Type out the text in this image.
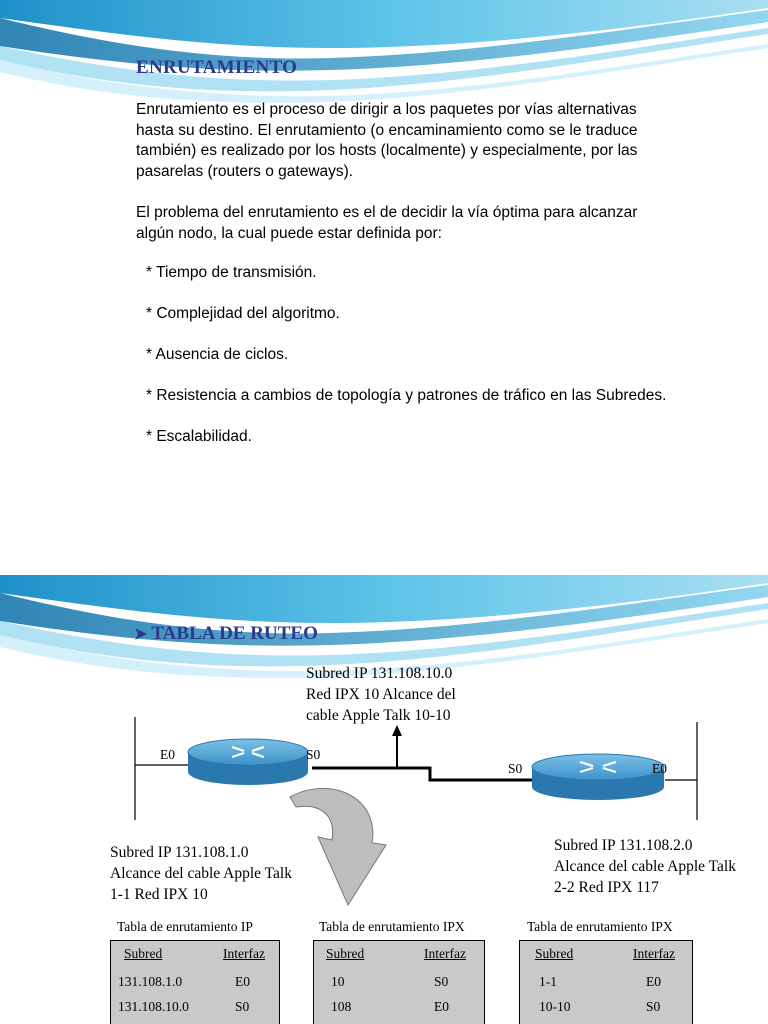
ENRUTAMIENTO
Enrutamiento es el proceso de dirigir a los paquetes por vías alternativas
hasta su destino. El enrutamiento (o encaminamiento como se le traduce
también) es realizado por los hosts (localmente) y especialmente, por las
pasarelas (routers o gateways).
El problema del enrutamiento es el de decidir la vía óptima para alcanzar
algún nodo, la cual puede estar definida por:
* Tiempo de transmisión.
* Complejidad del algoritmo.
* Ausencia de ciclos.
* Resistencia a cambios de topología y patrones de tráfico en las Subredes.
* Escalabilidad.
➤ TABLA DE RUTEO
E0	S0
S0	E0
Subred IP 131.108.10.0
Red IPX 10 Alcance del
cable Apple Talk 10-10
Subred IP 131.108.1.0
Alcance del cable Apple Talk
1-1 Red IPX 10
Subred IP 131.108.2.0
Alcance del cable Apple Talk
2-2 Red IPX 117
Tabla de enrutamiento IP	Tabla de enrutamiento IPX	Tabla de enrutamiento IPX
Subred	Interfaz
131.108.1.0	E0
131.108.10.0	S0
Subred	Interfaz
10	S0
108	E0
Subred	Interfaz
1-1	E0
10-10	S0
